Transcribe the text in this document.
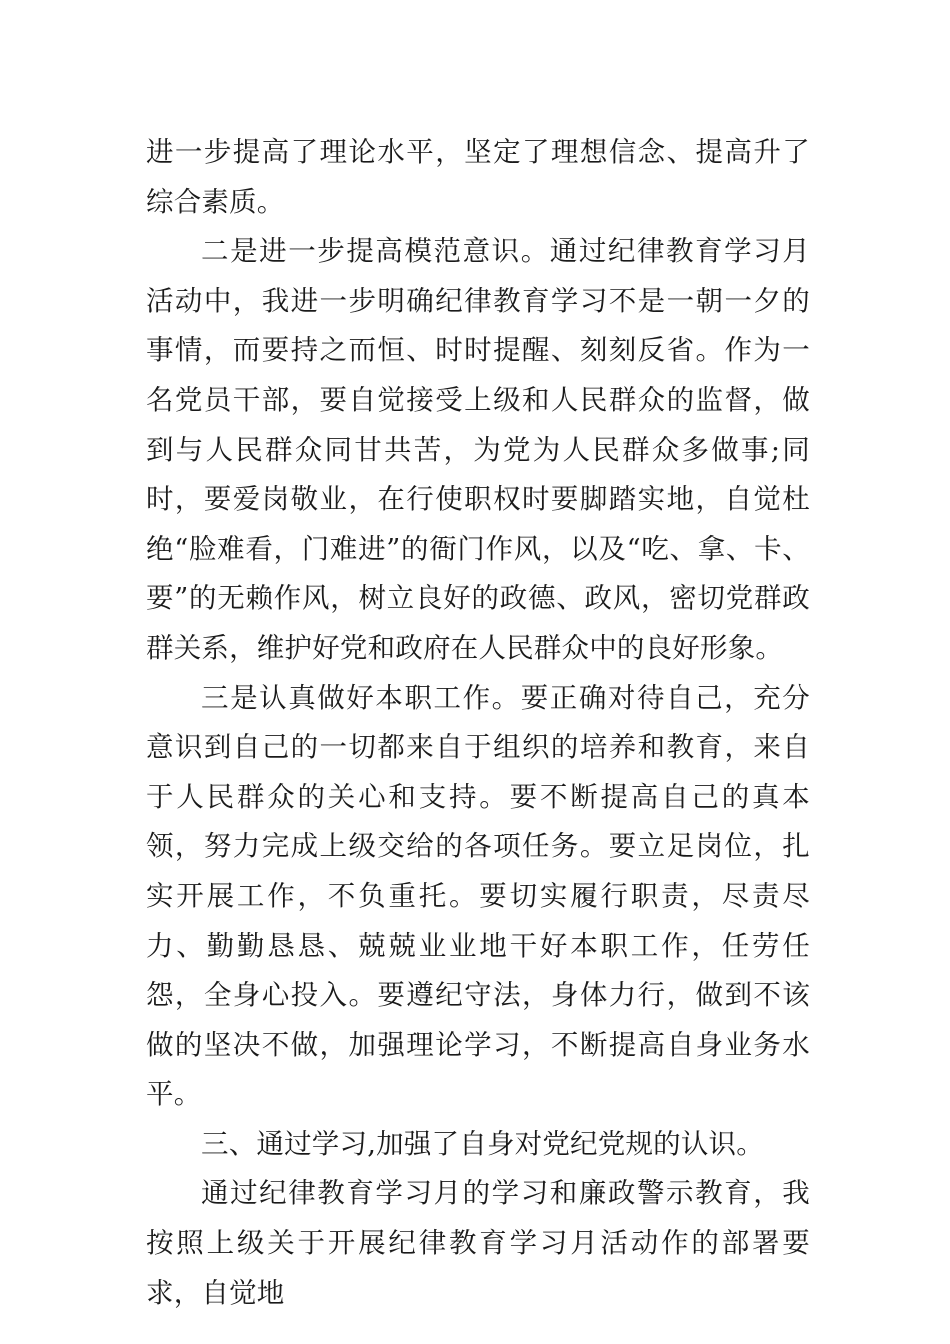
进一步提高了理论水平，坚定了理想信念、提高升了综合素质。

二是进一步提高模范意识。通过纪律教育学习月活动中，我进一步明确纪律教育学习不是一朝一夕的事情，而要持之而恒、时时提醒、刻刻反省。作为一名党员干部，要自觉接受上级和人民群众的监督，做到与人民群众同甘共苦，为党为人民群众多做事;同时，要爱岗敬业，在行使职权时要脚踏实地，自觉杜绝“脸难看，门难进”的衙门作风，以及“吃、拿、卡、要”的无赖作风，树立良好的政德、政风，密切党群政群关系，维护好党和政府在人民群众中的良好形象。

三是认真做好本职工作。要正确对待自己，充分意识到自己的一切都来自于组织的培养和教育，来自于人民群众的关心和支持。要不断提高自己的真本领，努力完成上级交给的各项任务。要立足岗位，扎实开展工作，不负重托。要切实履行职责，尽责尽力、勤勤恳恳、兢兢业业地干好本职工作，任劳任怨，全身心投入。要遵纪守法，身体力行，做到不该做的坚决不做，加强理论学习，不断提高自身业务水平。

三、通过学习,加强了自身对党纪党规的认识。

通过纪律教育学习月的学习和廉政警示教育，我按照上级关于开展纪律教育学习月活动作的部署要求，自觉地
